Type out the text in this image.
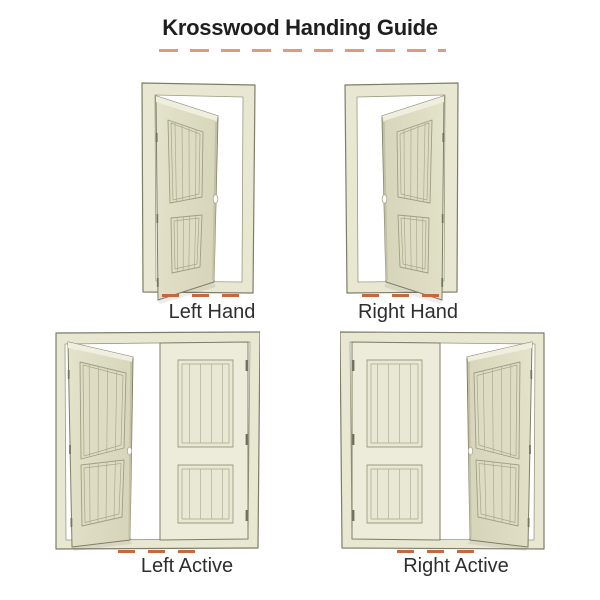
Krosswood Handing Guide
Left Hand	Right Hand
Left Active	Right Active
